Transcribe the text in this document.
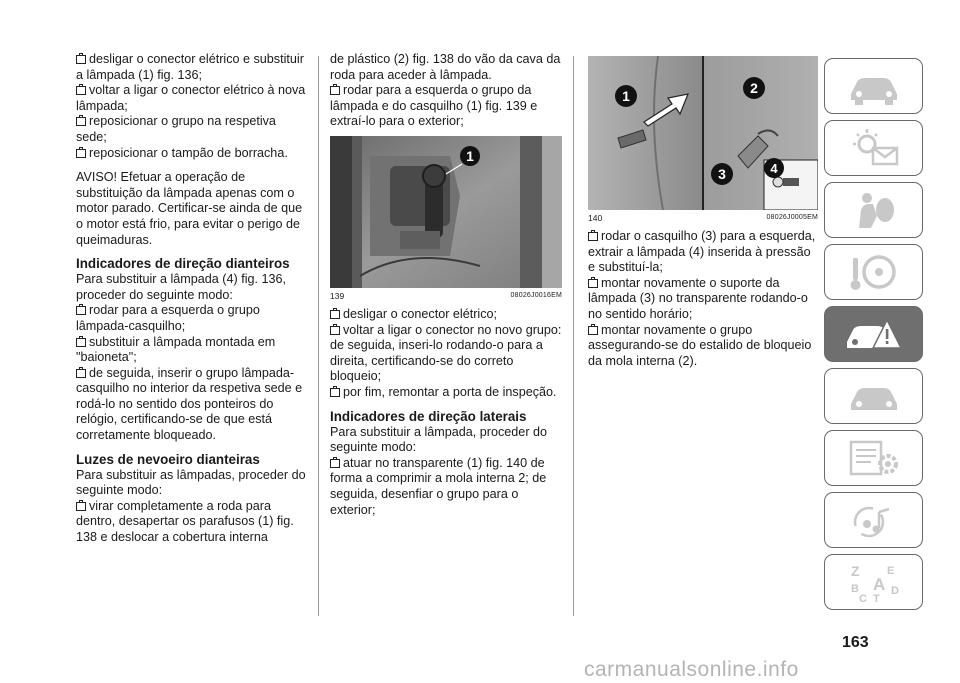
desligar o conector elétrico e substituir a lâmpada (1) fig. 136;

voltar a ligar o conector elétrico à nova lâmpada;

reposicionar o grupo na respetiva sede;

reposicionar o tampão de borracha.

AVISO! Efetuar a operação de substituição da lâmpada apenas com o motor parado. Certificar-se ainda de que o motor está frio, para evitar o perigo de queimaduras.

Indicadores de direção dianteiros

Para substituir a lâmpada (4) fig. 136, proceder do seguinte modo:

rodar para a esquerda o grupo lâmpada-casquilho;

substituir a lâmpada montada em "baioneta";

de seguida, inserir o grupo lâmpada-casquilho no interior da respetiva sede e rodá-lo no sentido dos ponteiros do relógio, certificando-se de que está corretamente bloqueado.

Luzes de nevoeiro dianteiras

Para substituir as lâmpadas, proceder do seguinte modo:

virar completamente a roda para dentro, desapertar os parafusos (1) fig. 138 e deslocar a cobertura interna

de plástico (2) fig. 138 do vão da cava da roda para aceder à lâmpada.

rodar para a esquerda o grupo da lâmpada e do casquilho (1) fig. 139 e extraí-lo para o exterior;

1
139	08026J0016EM

desligar o conector elétrico;

voltar a ligar o conector no novo grupo: de seguida, inseri-lo rodando-o para a direita, certificando-se do correto bloqueio;

por fim, remontar a porta de inspeção.

Indicadores de direção laterais

Para substituir a lâmpada, proceder do seguinte modo:

atuar no transparente (1) fig. 140 de forma a comprimir a mola interna 2; de seguida, desenfiar o grupo para o exterior;

1	2
3	4
140	08026J0005EM

rodar o casquilho (3) para a esquerda, extrair a lâmpada (4) inserida à pressão e substituí-la;

montar novamente o suporte da lâmpada (3) no transparente rodando-o no sentido horário;

montar novamente o grupo assegurando-se do estalido de bloqueio da mola interna (2).

Z E
B A D
C T
163
carmanualsonline.info
